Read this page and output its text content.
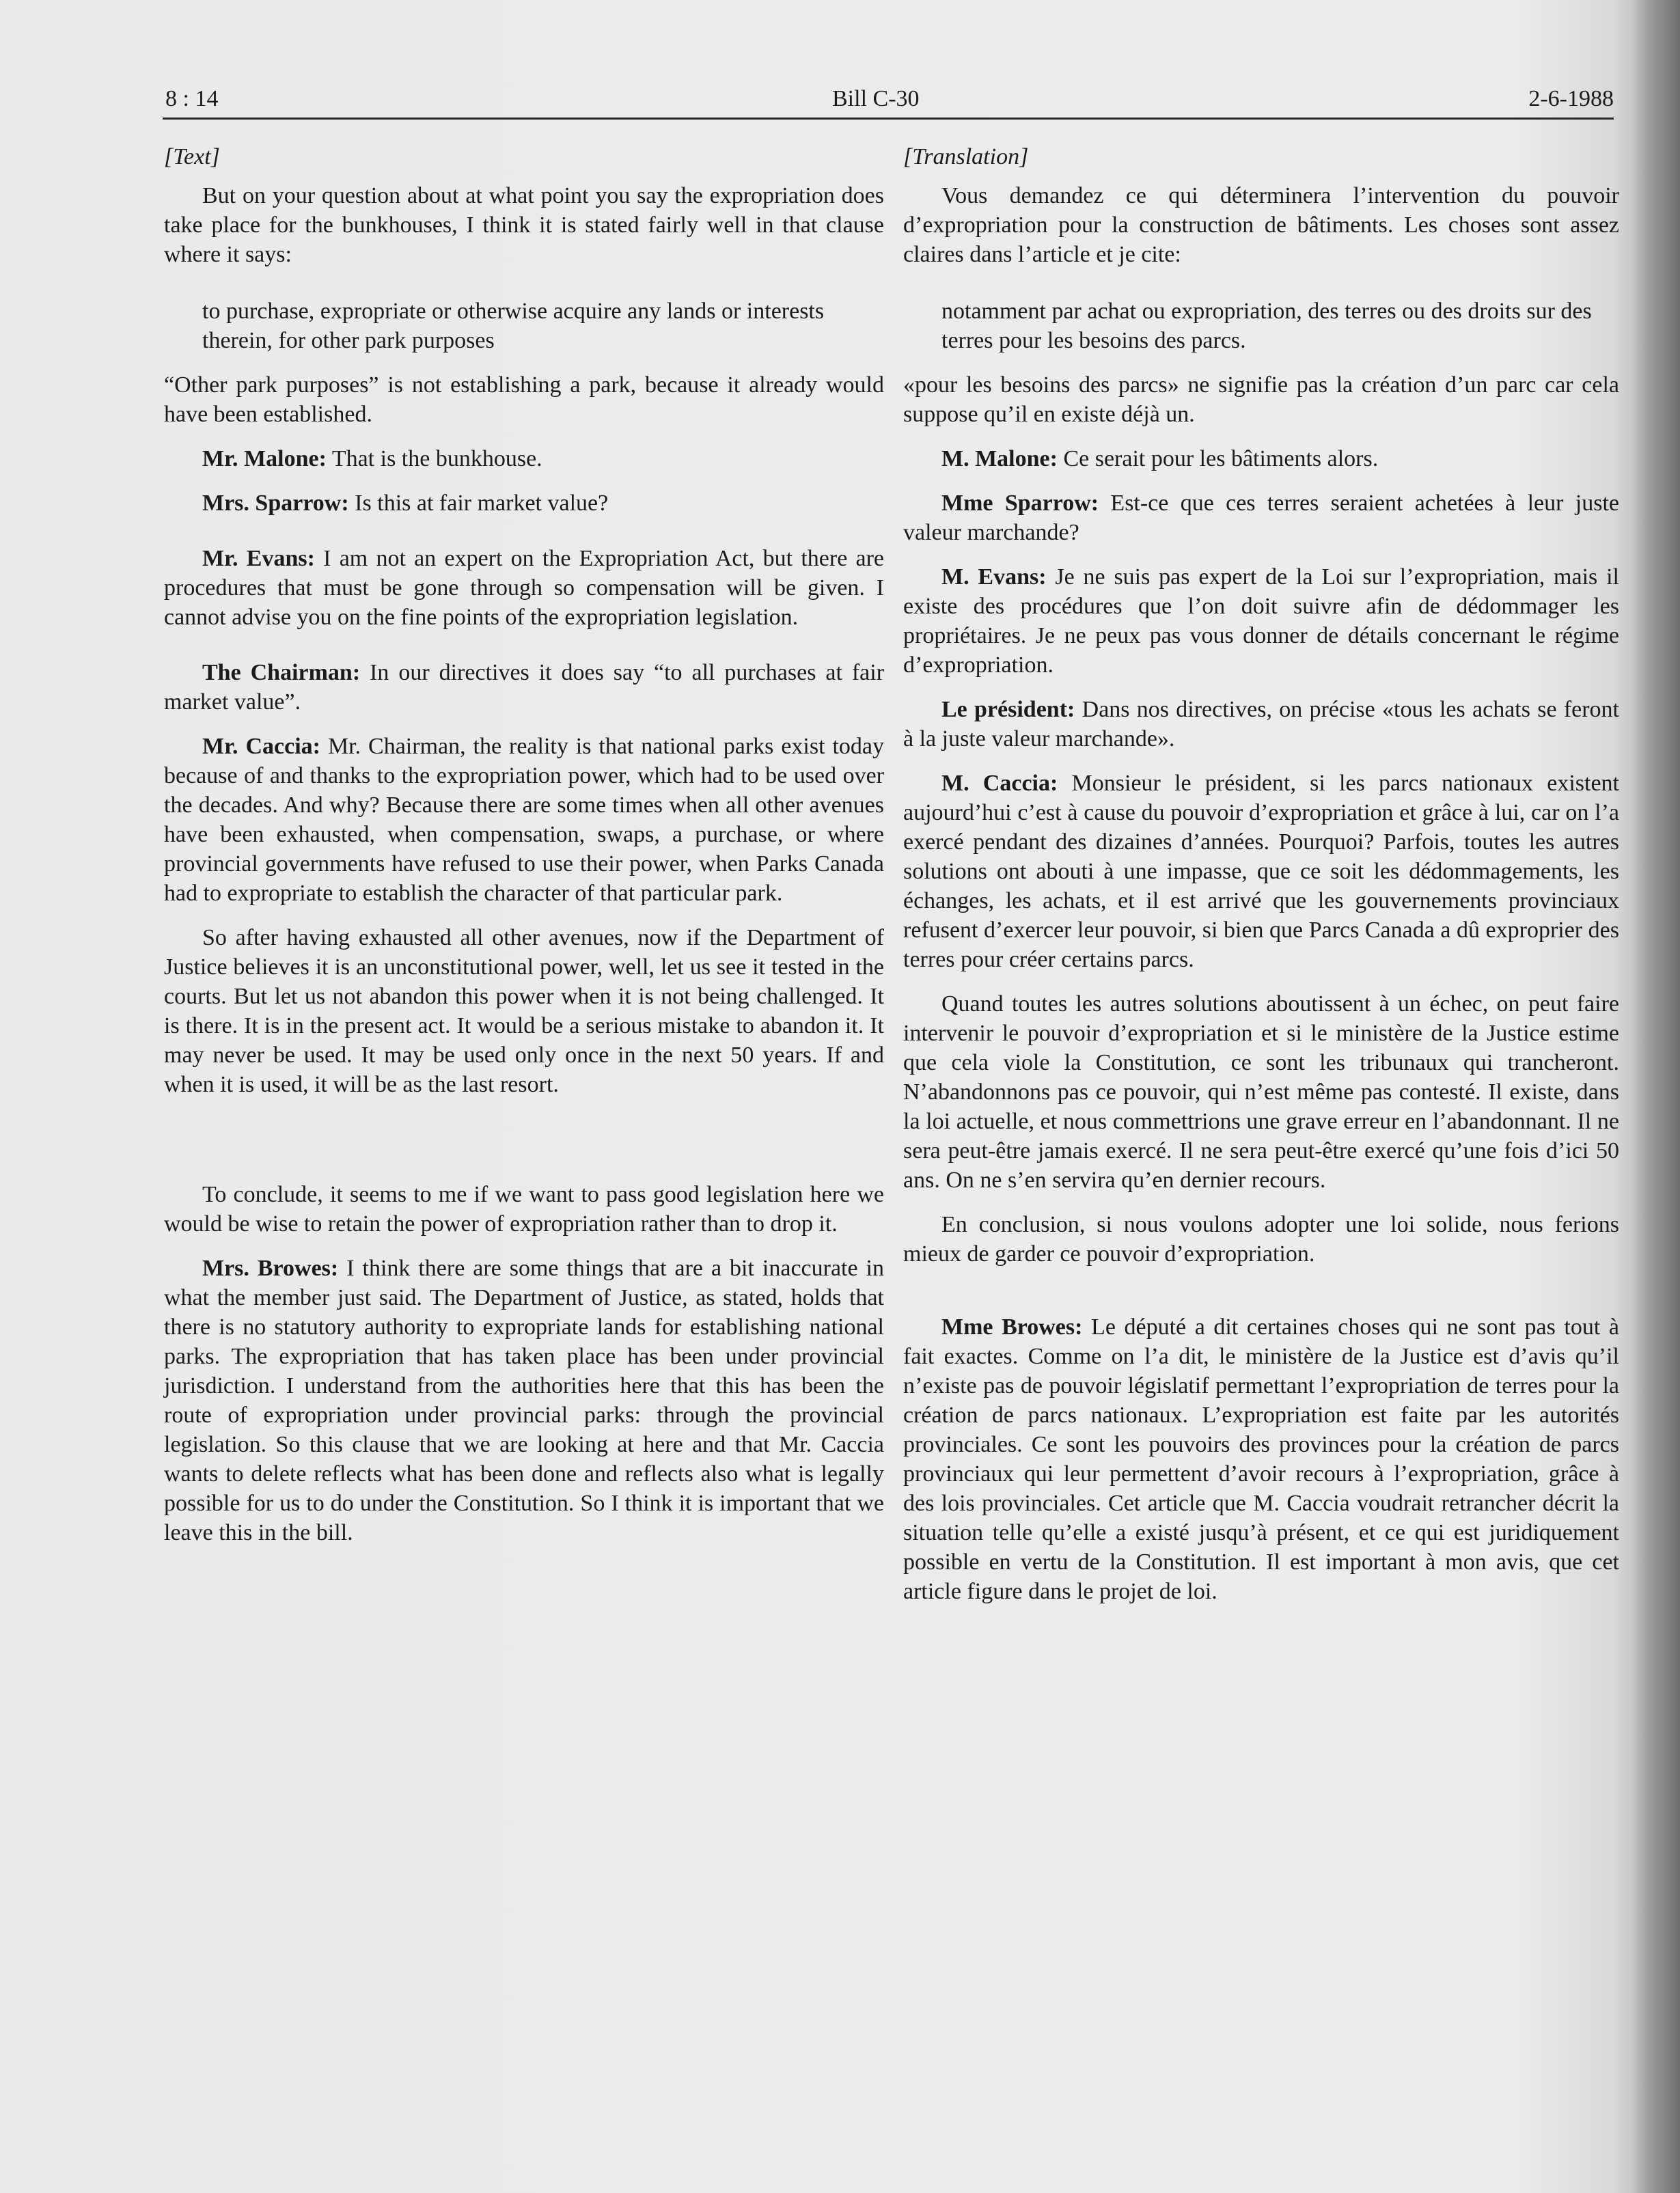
8 : 14	Bill C-30	2-6-1988
[Text]

But on your question about at what point you say the expropriation does take place for the bunkhouses, I think it is stated fairly well in that clause where it says:

to purchase, expropriate or otherwise acquire any lands or interests therein, for other park purposes

“Other park purposes” is not establishing a park, because it already would have been established.

Mr. Malone: That is the bunkhouse.

Mrs. Sparrow: Is this at fair market value?

Mr. Evans: I am not an expert on the Expropriation Act, but there are procedures that must be gone through so compensation will be given. I cannot advise you on the fine points of the expropriation legislation.

The Chairman: In our directives it does say “to all purchases at fair market value”.

Mr. Caccia: Mr. Chairman, the reality is that national parks exist today because of and thanks to the expropriation power, which had to be used over the decades. And why? Because there are some times when all other avenues have been exhausted, when compensation, swaps, a purchase, or where provincial governments have refused to use their power, when Parks Canada had to expropriate to establish the character of that particular park.

So after having exhausted all other avenues, now if the Department of Justice believes it is an unconstitutional power, well, let us see it tested in the courts. But let us not abandon this power when it is not being challenged. It is there. It is in the present act. It would be a serious mistake to abandon it. It may never be used. It may be used only once in the next 50 years. If and when it is used, it will be as the last resort.

To conclude, it seems to me if we want to pass good legislation here we would be wise to retain the power of expropriation rather than to drop it.

Mrs. Browes: I think there are some things that are a bit inaccurate in what the member just said. The Department of Justice, as stated, holds that there is no statutory authority to expropriate lands for establishing national parks. The expropriation that has taken place has been under provincial jurisdiction. I understand from the authorities here that this has been the route of expropriation under provincial parks: through the provincial legislation. So this clause that we are looking at here and that Mr. Caccia wants to delete reflects what has been done and reflects also what is legally possible for us to do under the Constitution. So I think it is important that we leave this in the bill.

[Translation]

Vous demandez ce qui déterminera l’intervention du pouvoir d’expropriation pour la construction de bâtiments. Les choses sont assez claires dans l’article et je cite:

notamment par achat ou expropriation, des terres ou des droits sur des terres pour les besoins des parcs.

«pour les besoins des parcs» ne signifie pas la création d’un parc car cela suppose qu’il en existe déjà un.

M. Malone: Ce serait pour les bâtiments alors.

Mme Sparrow: Est-ce que ces terres seraient achetées à leur juste valeur marchande?

M. Evans: Je ne suis pas expert de la Loi sur l’expropriation, mais il existe des procédures que l’on doit suivre afin de dédommager les propriétaires. Je ne peux pas vous donner de détails concernant le régime d’expropriation.

Le président: Dans nos directives, on précise «tous les achats se feront à la juste valeur marchande».

M. Caccia: Monsieur le président, si les parcs nationaux existent aujourd’hui c’est à cause du pouvoir d’expropriation et grâce à lui, car on l’a exercé pendant des dizaines d’années. Pourquoi? Parfois, toutes les autres solutions ont abouti à une impasse, que ce soit les dédommagements, les échanges, les achats, et il est arrivé que les gouvernements provinciaux refusent d’exercer leur pouvoir, si bien que Parcs Canada a dû exproprier des terres pour créer certains parcs.

Quand toutes les autres solutions aboutissent à un échec, on peut faire intervenir le pouvoir d’expropriation et si le ministère de la Justice estime que cela viole la Constitution, ce sont les tribunaux qui trancheront. N’abandonnons pas ce pouvoir, qui n’est même pas contesté. Il existe, dans la loi actuelle, et nous commettrions une grave erreur en l’abandonnant. Il ne sera peut-être jamais exercé. Il ne sera peut-être exercé qu’une fois d’ici 50 ans. On ne s’en servira qu’en dernier recours.

En conclusion, si nous voulons adopter une loi solide, nous ferions mieux de garder ce pouvoir d’expropriation.

Mme Browes: Le député a dit certaines choses qui ne sont pas tout à fait exactes. Comme on l’a dit, le ministère de la Justice est d’avis qu’il n’existe pas de pouvoir législatif permettant l’expropriation de terres pour la création de parcs nationaux. L’expropriation est faite par les autorités provinciales. Ce sont les pouvoirs des provinces pour la création de parcs provinciaux qui leur permettent d’avoir recours à l’expropriation, grâce à des lois provinciales. Cet article que M. Caccia voudrait retrancher décrit la situation telle qu’elle a existé jusqu’à présent, et ce qui est juridiquement possible en vertu de la Constitution. Il est important à mon avis, que cet article figure dans le projet de loi.
